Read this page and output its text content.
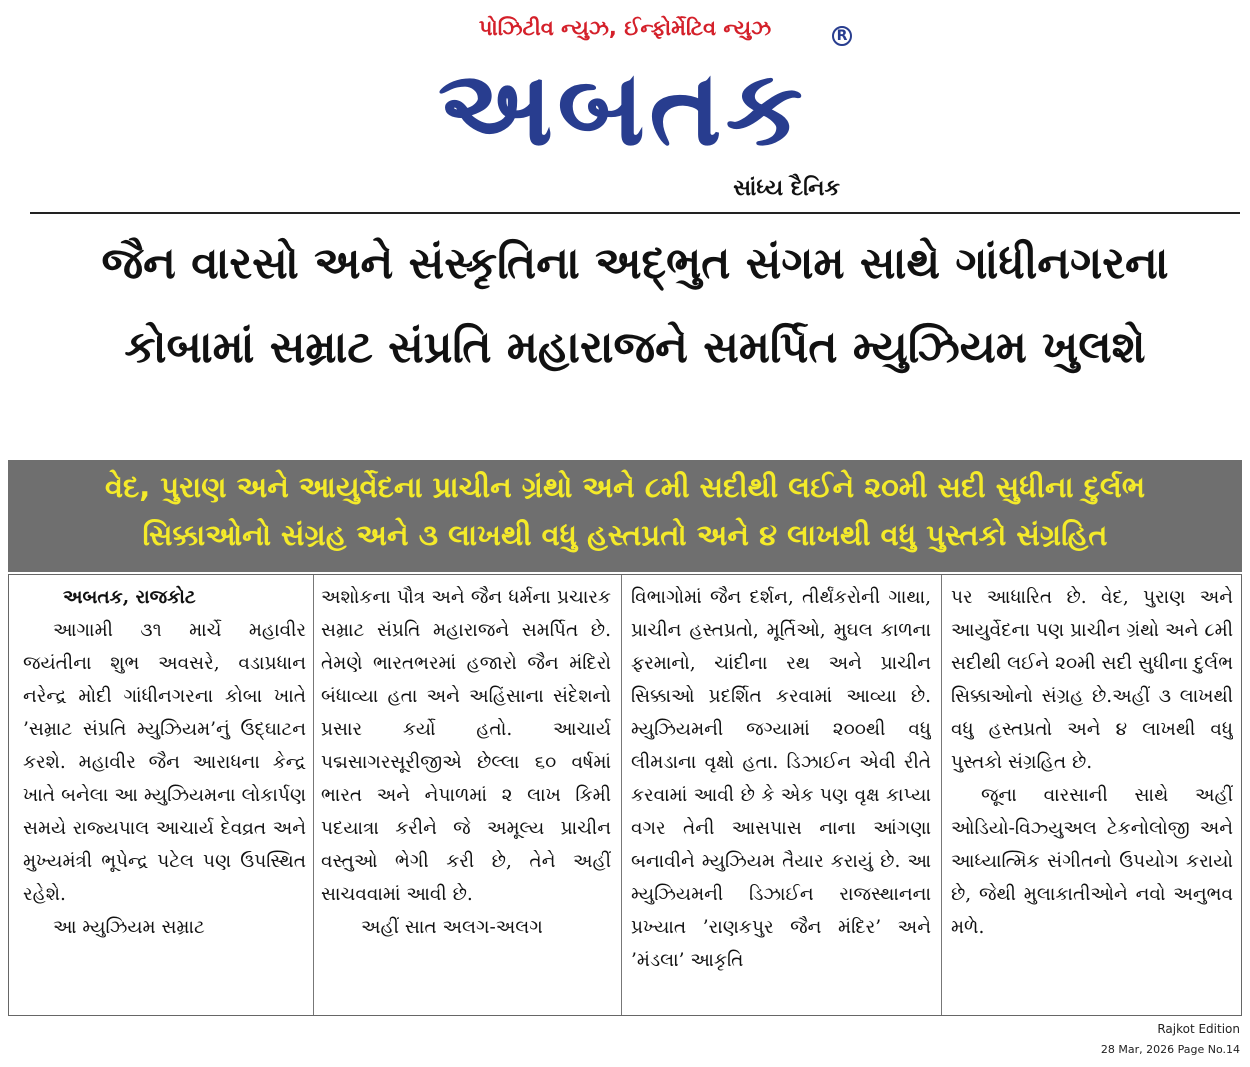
પોઝિટીવ ન્યુઝ, ઈન્ફોર્મેટિવ ન્યુઝ
અબતક
R
સાંધ્ય દૈનિક
જૈન વારસો અને સંસ્કૃતિના અદ્ભુત સંગમ સાથે ગાંધીનગરના
કોબામાં સમ્રાટ સંપ્રતિ મહારાજને સમર્પિત મ્યુઝિયમ ખુલશે
વેદ, પુરાણ અને આયુર્વેદના પ્રાચીન ગ્રંથો અને ૮મી સદીથી લઈને ૨૦મી સદી સુધીના દુર્લભ
સિક્કાઓનો સંગ્રહ અને ૩ લાખથી વધુ હસ્તપ્રતો અને ૪ લાખથી વધુ પુસ્તકો સંગ્રહિત

અબતક, રાજકોટ

આગામી ૩૧ માર્ચે મહાવીર જયંતીના શુભ અવસરે, વડાપ્રધાન નરેન્દ્ર મોદી ગાંધીનગરના કોબા ખાતે ’સમ્રાટ સંપ્રતિ મ્યુઝિયમ’નું ઉદ્ઘાટન કરશે. મહાવીર જૈન આરાધના કેન્દ્ર ખાતે બનેલા આ મ્યુઝિયમના લોકાર્પણ સમયે રાજ્યપાલ આચાર્ય દેવવ્રત અને મુખ્યમંત્રી ભૂપેન્દ્ર પટેલ પણ ઉપસ્થિત રહેશે.

આ મ્યુઝિયમ સમ્રાટ

અશોકના પૌત્ર અને જૈન ધર્મના પ્રચારક સમ્રાટ સંપ્રતિ મહારાજને સમર્પિત છે. તેમણે ભારતભરમાં હજારો જૈન મંદિરો બંધાવ્યા હતા અને અહિંસાના સંદેશનો પ્રસાર કર્યો હતો. આચાર્ય પદ્મસાગરસૂરીજીએ છેલ્લા ૬૦ વર્ષમાં ભારત અને નેપાળમાં ૨ લાખ કિમી પદયાત્રા કરીને જે અમૂલ્ય પ્રાચીન વસ્તુઓ ભેગી કરી છે, તેને અહીં સાચવવામાં આવી છે.

અહીં સાત અલગ-અલગ

વિભાગોમાં જૈન દર્શન, તીર્થંકરોની ગાથા, પ્રાચીન હસ્તપ્રતો, મૂર્તિઓ, મુઘલ કાળના ફરમાનો, ચાંદીના રથ અને પ્રાચીન સિક્કાઓ પ્રદર્શિત કરવામાં આવ્યા છે. મ્યુઝિયમની જગ્યામાં ૨૦૦થી વધુ લીમડાના વૃક્ષો હતા. ડિઝાઈન એવી રીતે કરવામાં આવી છે કે એક પણ વૃક્ષ કાપ્યા વગર તેની આસપાસ નાના આંગણા બનાવીને મ્યુઝિયમ તૈયાર કરાયું છે. આ મ્યુઝિયમની ડિઝાઈન રાજસ્થાનના પ્રખ્યાત ’રાણકપુર જૈન મંદિર’ અને ’મંડલા’ આકૃતિ

પર આધારિત છે. વેદ, પુરાણ અને આયુર્વેદના પણ પ્રાચીન ગ્રંથો અને ૮મી સદીથી લઈને ૨૦મી સદી સુધીના દુર્લભ સિક્કાઓનો સંગ્રહ છે.અહીં ૩ લાખથી વધુ હસ્તપ્રતો અને ૪ લાખથી વધુ પુસ્તકો સંગ્રહિત છે.

જૂના વારસાની સાથે અહીં ઓડિયો-વિઝ્યુઅલ ટેકનોલોજી અને આધ્યાત્મિક સંગીતનો ઉપયોગ કરાયો છે, જેથી મુલાકાતીઓને નવો અનુભવ મળે.

Rajkot Edition
28 Mar, 2026 Page No.14
